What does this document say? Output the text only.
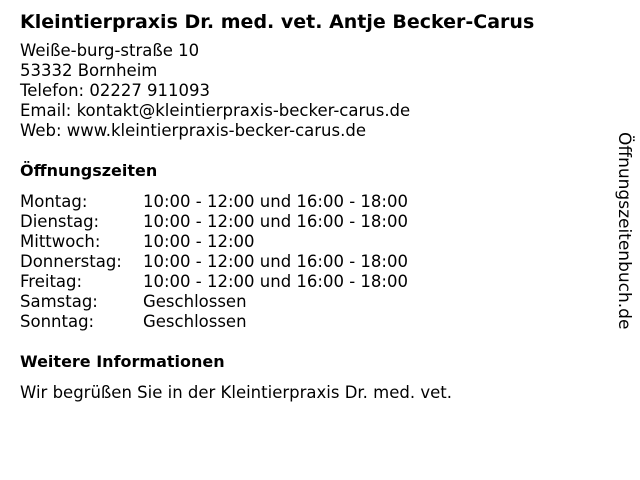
Kleintierpraxis Dr. med. vet. Antje Becker-Carus

Weiße-burg-straße 10

53332 Bornheim

Telefon: 02227 911093

Email: kontakt@kleintierpraxis-becker-carus.de

Web: www.kleintierpraxis-becker-carus.de

Öffnungszeiten
Montag:	10:00 - 12:00 und 16:00 - 18:00
Dienstag:	10:00 - 12:00 und 16:00 - 18:00
Mittwoch:	10:00 - 12:00
Donnerstag:	10:00 - 12:00 und 16:00 - 18:00
Freitag:	10:00 - 12:00 und 16:00 - 18:00
Samstag:	Geschlossen
Sonntag:	Geschlossen
Weitere Informationen

Wir begrüßen Sie in der Kleintierpraxis Dr. med. vet.

Öffnungszeitenbuch.de
